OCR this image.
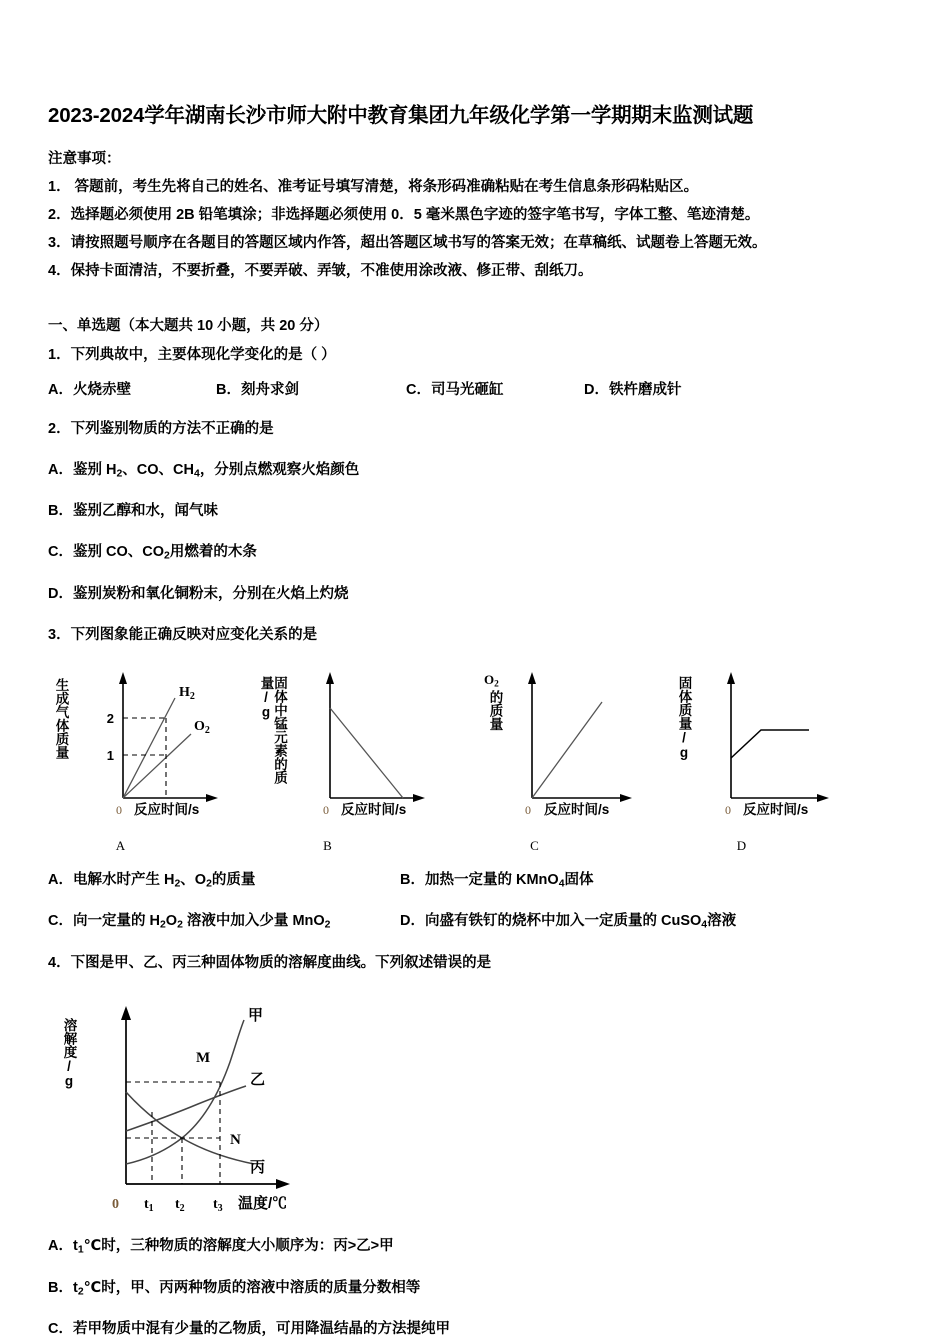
2023-2024学年湖南长沙市师大附中教育集团九年级化学第一学期期末监测试题
注意事项：
1． 答题前，考生先将自己的姓名、准考证号填写清楚，将条形码准确粘贴在考生信息条形码粘贴区。
2．选择题必须使用 2B 铅笔填涂；非选择题必须使用 0．5 毫米黑色字迹的签字笔书写，字体工整、笔迹清楚。
3．请按照题号顺序在各题目的答题区域内作答，超出答题区域书写的答案无效；在草稿纸、试题卷上答题无效。
4．保持卡面清洁，不要折叠，不要弄破、弄皱，不准使用涂改液、修正带、刮纸刀。
一、单选题（本大题共 10 小题，共 20 分）
1．下列典故中，主要体现化学变化的是（ ）
A．火烧赤壁	B．刻舟求剑	C．司马光砸缸	D．铁杵磨成针
2．下列鉴别物质的方法不正确的是
A．鉴别 $H_2$、CO、$CH_4$，分别点燃观察火焰颜色
B．鉴别乙醇和水，闻气味
C．鉴别 CO、$CO_2$用燃着的木条
D．鉴别炭粉和氧化铜粉末，分别在火焰上灼烧
3．下列图象能正确反映对应变化关系的是
2
1
$H_2$
$O_2$
0
生成气体质量
反应时间/s
A
0
固体中锰元素的质量/g
反应时间/s
B
0
$O_2$
的质量
反应时间/s
C
0
固体质量/g
反应时间/s
D
A．电解水时产生 $H_2$、$O_2$的质量	B．加热一定量的 KMnO$_4$固体
C．向一定量的 $H_2O_2$ 溶液中加入少量 MnO$_2$	D．向盛有铁钉的烧杯中加入一定质量的 CuSO$_4$溶液
4．下图是甲、乙、丙三种固体物质的溶解度曲线。下列叙述错误的是
M
N
甲
乙
丙
0 $t_1$ $t_2$ $t_3$ 温度/℃
溶解度/g
A．$t_1℃$时，三种物质的溶解度大小顺序为：丙>乙>甲
B．$t_2℃$时，甲、丙两种物质的溶液中溶质的质量分数相等
C．若甲物质中混有少量的乙物质，可用降温结晶的方法提纯甲
